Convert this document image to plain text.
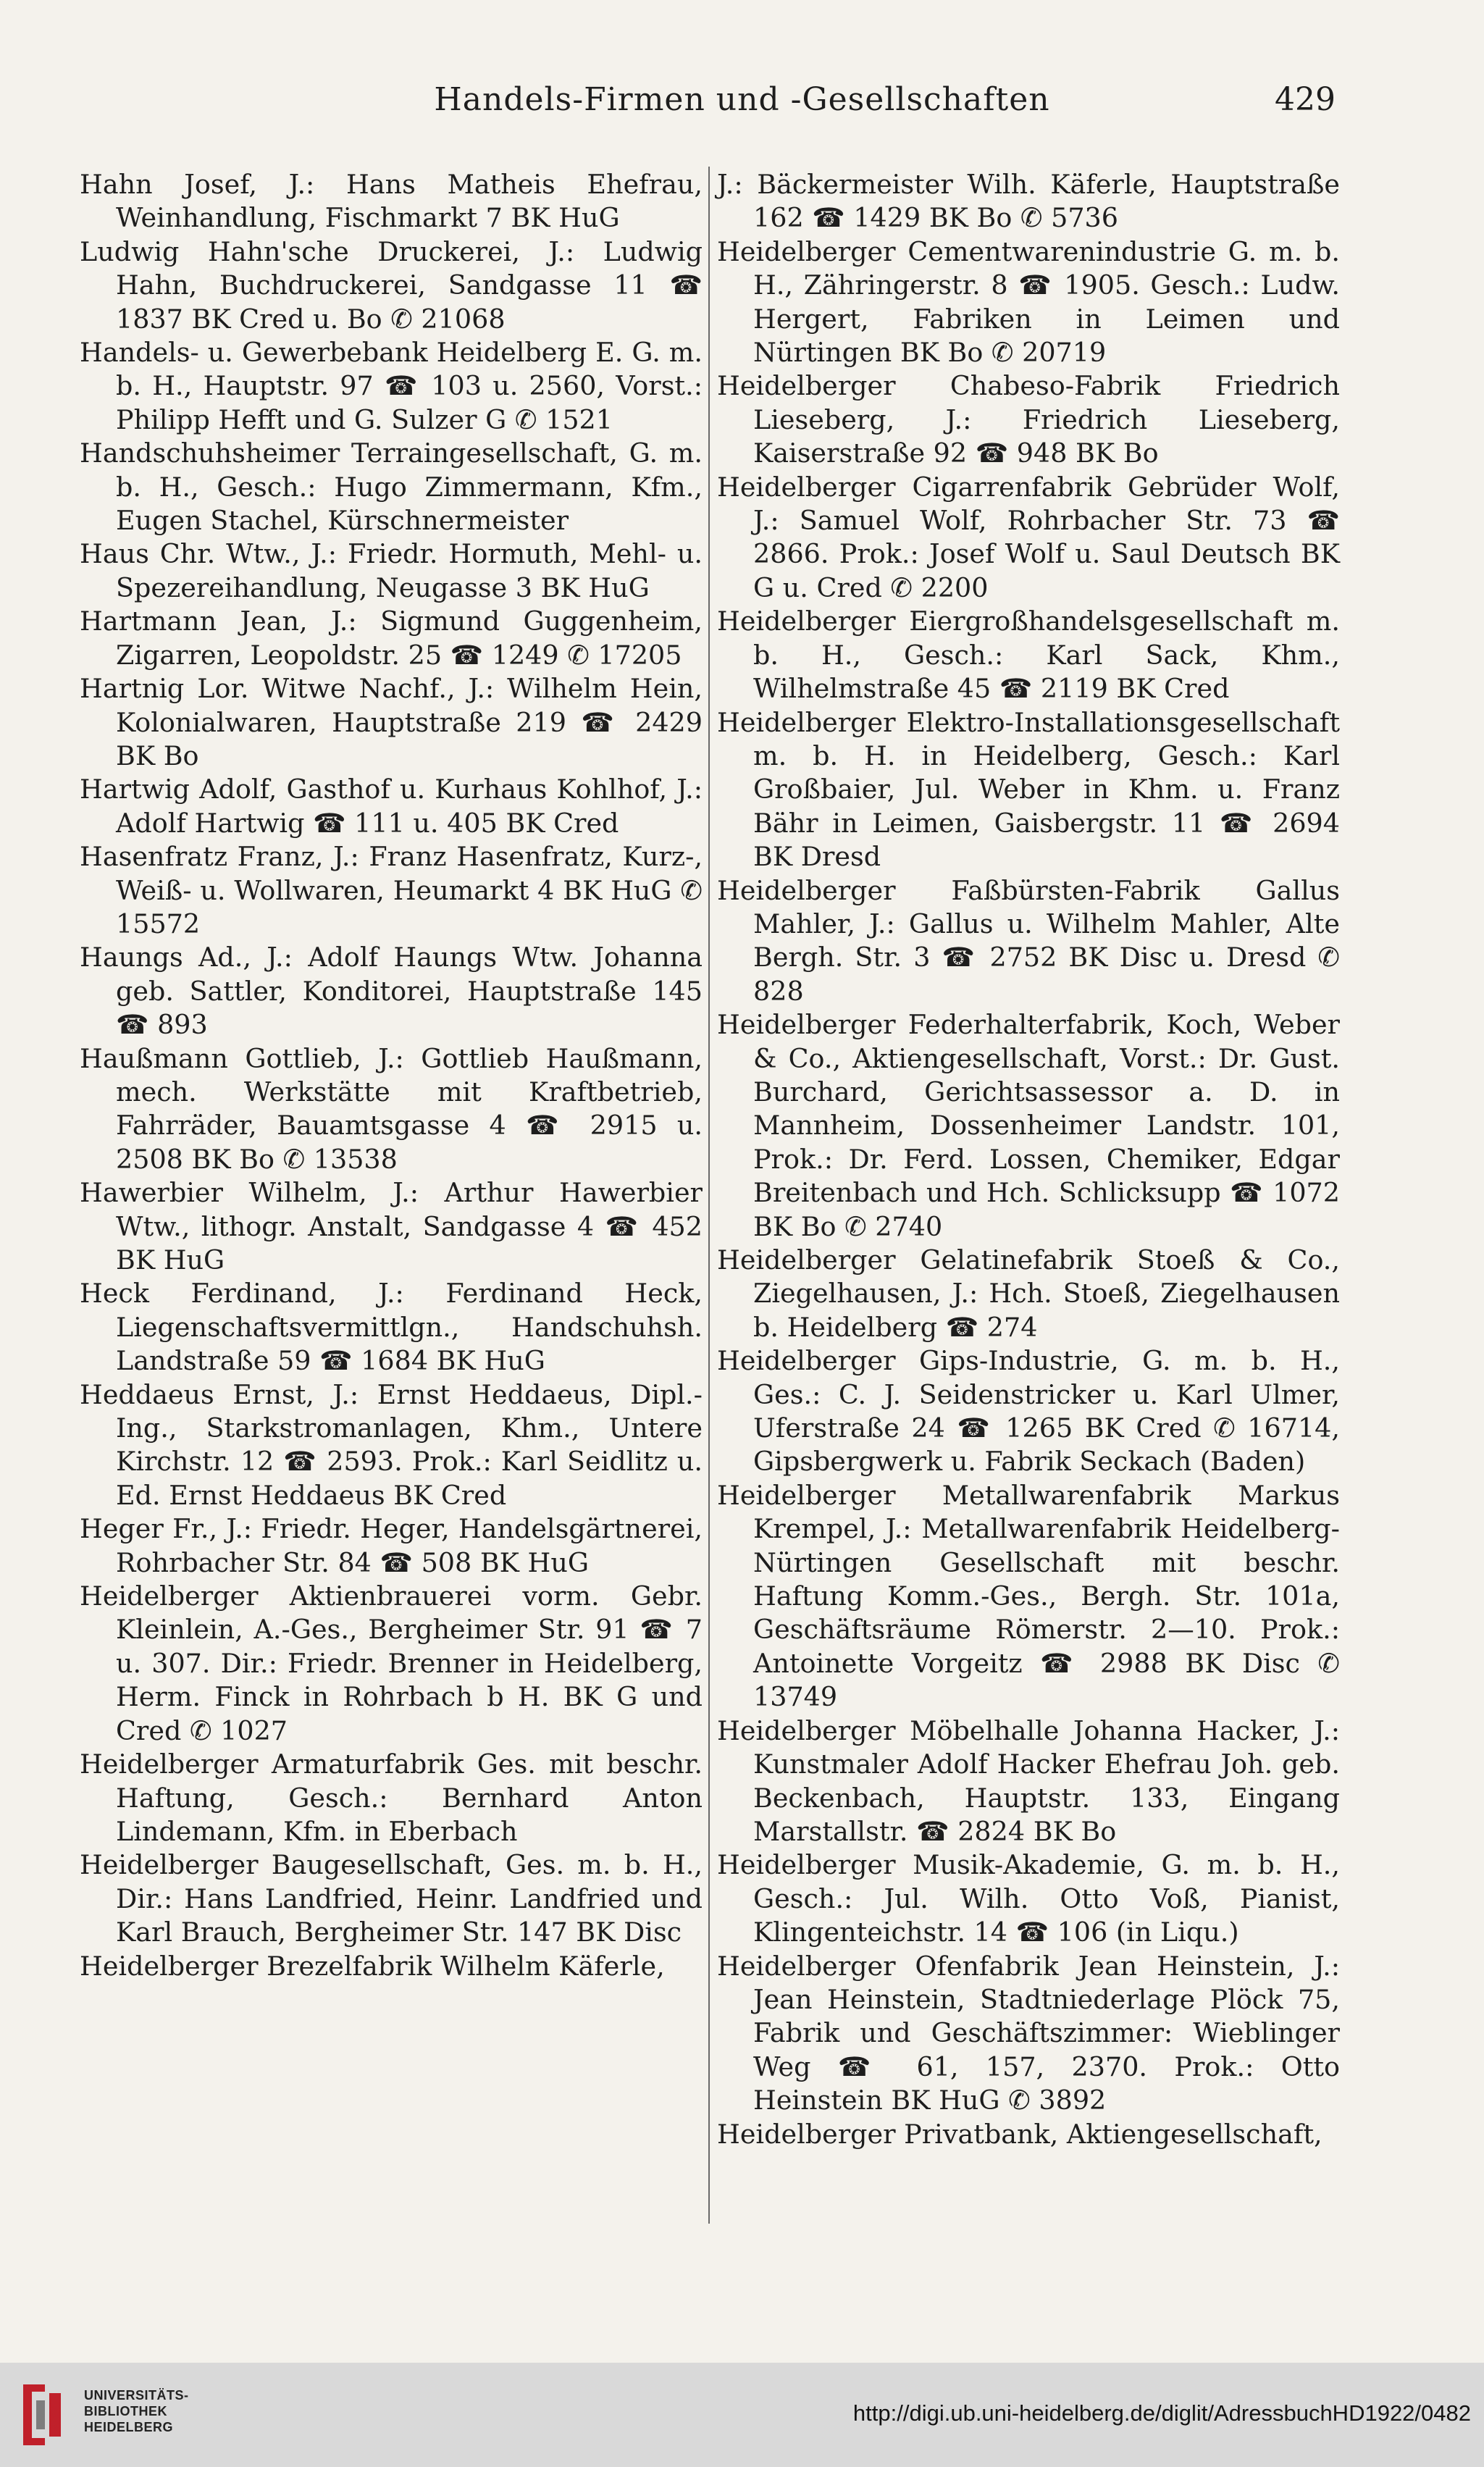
Handels-Firmen und -Gesellschaften	429

Hahn Josef, J.: Hans Matheis Ehefrau, Weinhandlung, Fischmarkt 7 BK HuG

Ludwig Hahn'sche Druckerei, J.: Ludwig Hahn, Buchdruckerei, Sandgasse 11 ☎ 1837 BK Cred u. Bo ✆ 21068

Handels- u. Gewerbebank Heidelberg E. G. m. b. H., Hauptstr. 97 ☎ 103 u. 2560, Vorst.: Philipp Hefft und G. Sulzer G ✆ 1521

Handschuhsheimer Terraingesellschaft, G. m. b. H., Gesch.: Hugo Zimmermann, Kfm., Eugen Stachel, Kürschnermeister

Haus Chr. Wtw., J.: Friedr. Hormuth, Mehl- u. Spezereihandlung, Neugasse 3 BK HuG

Hartmann Jean, J.: Sigmund Guggenheim, Zigarren, Leopoldstr. 25 ☎ 1249 ✆ 17205

Hartnig Lor. Witwe Nachf., J.: Wilhelm Hein, Kolonialwaren, Hauptstraße 219 ☎ 2429 BK Bo

Hartwig Adolf, Gasthof u. Kurhaus Kohlhof, J.: Adolf Hartwig ☎ 111 u. 405 BK Cred

Hasenfratz Franz, J.: Franz Hasenfratz, Kurz-, Weiß- u. Wollwaren, Heumarkt 4 BK HuG ✆ 15572

Haungs Ad., J.: Adolf Haungs Wtw. Johanna geb. Sattler, Konditorei, Hauptstraße 145 ☎ 893

Haußmann Gottlieb, J.: Gottlieb Haußmann, mech. Werkstätte mit Kraftbetrieb, Fahrräder, Bauamtsgasse 4 ☎ 2915 u. 2508 BK Bo ✆ 13538

Hawerbier Wilhelm, J.: Arthur Hawerbier Wtw., lithogr. Anstalt, Sandgasse 4 ☎ 452 BK HuG

Heck Ferdinand, J.: Ferdinand Heck, Liegenschaftsvermittlgn., Handschuhsh. Landstraße 59 ☎ 1684 BK HuG

Heddaeus Ernst, J.: Ernst Heddaeus, Dipl.-Ing., Starkstromanlagen, Khm., Untere Kirchstr. 12 ☎ 2593. Prok.: Karl Seidlitz u. Ed. Ernst Heddaeus BK Cred

Heger Fr., J.: Friedr. Heger, Handelsgärtnerei, Rohrbacher Str. 84 ☎ 508 BK HuG

Heidelberger Aktienbrauerei vorm. Gebr. Kleinlein, A.-Ges., Bergheimer Str. 91 ☎ 7 u. 307. Dir.: Friedr. Brenner in Heidelberg, Herm. Finck in Rohrbach b H. BK G und Cred ✆ 1027

Heidelberger Armaturfabrik Ges. mit beschr. Haftung, Gesch.: Bernhard Anton Lindemann, Kfm. in Eberbach

Heidelberger Baugesellschaft, Ges. m. b. H., Dir.: Hans Landfried, Heinr. Landfried und Karl Brauch, Bergheimer Str. 147 BK Disc

Heidelberger Brezelfabrik Wilhelm Käferle,

J.: Bäckermeister Wilh. Käferle, Hauptstraße 162 ☎ 1429 BK Bo ✆ 5736

Heidelberger Cementwarenindustrie G. m. b. H., Zähringerstr. 8 ☎ 1905. Gesch.: Ludw. Hergert, Fabriken in Leimen und Nürtingen BK Bo ✆ 20719

Heidelberger Chabeso-Fabrik Friedrich Lieseberg, J.: Friedrich Lieseberg, Kaiserstraße 92 ☎ 948 BK Bo

Heidelberger Cigarrenfabrik Gebrüder Wolf, J.: Samuel Wolf, Rohrbacher Str. 73 ☎ 2866. Prok.: Josef Wolf u. Saul Deutsch BK G u. Cred ✆ 2200

Heidelberger Eiergroßhandelsgesellschaft m. b. H., Gesch.: Karl Sack, Khm., Wilhelmstraße 45 ☎ 2119 BK Cred

Heidelberger Elektro-Installationsgesellschaft m. b. H. in Heidelberg, Gesch.: Karl Großbaier, Jul. Weber in Khm. u. Franz Bähr in Leimen, Gaisbergstr. 11 ☎ 2694 BK Dresd

Heidelberger Faßbürsten-Fabrik Gallus Mahler, J.: Gallus u. Wilhelm Mahler, Alte Bergh. Str. 3 ☎ 2752 BK Disc u. Dresd ✆ 828

Heidelberger Federhalterfabrik, Koch, Weber & Co., Aktiengesellschaft, Vorst.: Dr. Gust. Burchard, Gerichtsassessor a. D. in Mannheim, Dossenheimer Landstr. 101, Prok.: Dr. Ferd. Lossen, Chemiker, Edgar Breitenbach und Hch. Schlicksupp ☎ 1072 BK Bo ✆ 2740

Heidelberger Gelatinefabrik Stoeß & Co., Ziegelhausen, J.: Hch. Stoeß, Ziegelhausen b. Heidelberg ☎ 274

Heidelberger Gips-Industrie, G. m. b. H., Ges.: C. J. Seidenstricker u. Karl Ulmer, Uferstraße 24 ☎ 1265 BK Cred ✆ 16714, Gipsbergwerk u. Fabrik Seckach (Baden)

Heidelberger Metallwarenfabrik Markus Krempel, J.: Metallwarenfabrik Heidelberg-Nürtingen Gesellschaft mit beschr. Haftung Komm.-Ges., Bergh. Str. 101a, Geschäftsräume Römerstr. 2—10. Prok.: Antoinette Vorgeitz ☎ 2988 BK Disc ✆ 13749

Heidelberger Möbelhalle Johanna Hacker, J.: Kunstmaler Adolf Hacker Ehefrau Joh. geb. Beckenbach, Hauptstr. 133, Eingang Marstallstr. ☎ 2824 BK Bo

Heidelberger Musik-Akademie, G. m. b. H., Gesch.: Jul. Wilh. Otto Voß, Pianist, Klingenteichstr. 14 ☎ 106 (in Liqu.)

Heidelberger Ofenfabrik Jean Heinstein, J.: Jean Heinstein, Stadtniederlage Plöck 75, Fabrik und Geschäftszimmer: Wieblinger Weg ☎ 61, 157, 2370. Prok.: Otto Heinstein BK HuG ✆ 3892

Heidelberger Privatbank, Aktiengesellschaft,

UNIVERSITÄTS-
BIBLIOTHEK
HEIDELBERG
http://digi.ub.uni-heidelberg.de/diglit/AdressbuchHD1922/0482
